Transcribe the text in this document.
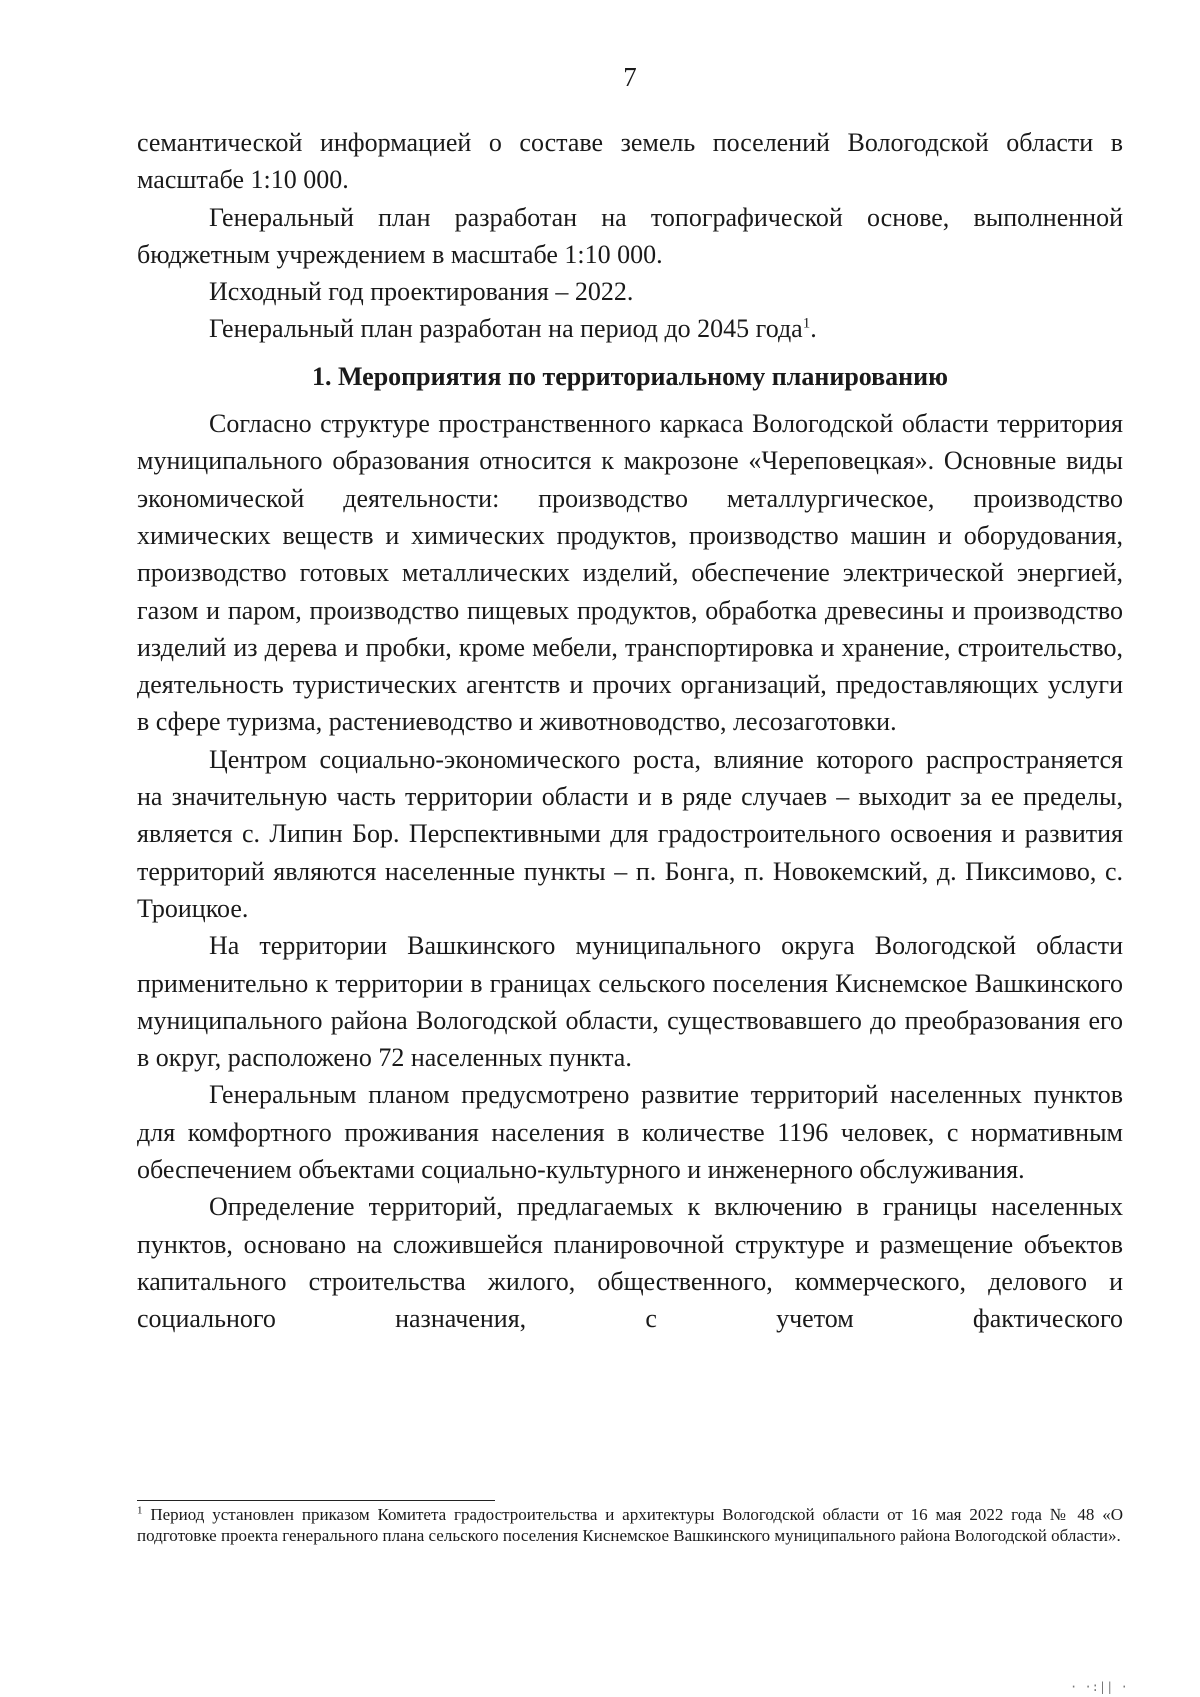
7

семантической информацией о составе земель поселений Вологодской области в масштабе 1:10 000.

Генеральный план разработан на топографической основе, выполненной бюджетным учреждением в масштабе 1:10 000.

Исходный год проектирования – 2022.

Генеральный план разработан на период до 2045 года$^1$.

1. Мероприятия по территориальному планированию

Согласно структуре пространственного каркаса Вологодской области территория муниципального образования относится к макрозоне «Череповецкая». Основные виды экономической деятельности: производство металлургическое, производство химических веществ и химических продуктов, производство машин и оборудования, производство готовых металлических изделий, обеспечение электрической энергией, газом и паром, производство пищевых продуктов, обработка древесины и производство изделий из дерева и пробки, кроме мебели, транспортировка и хранение, строительство, деятельность туристических агентств и прочих организаций, предоставляющих услуги в сфере туризма, растениеводство и животноводство, лесозаготовки.

Центром социально-экономического роста, влияние которого распространяется на значительную часть территории области и в ряде случаев – выходит за ее пределы, является с. Липин Бор. Перспективными для градостроительного освоения и развития территорий являются населенные пункты – п. Бонга, п. Новокемский, д. Пиксимово, с. Троицкое.

На территории Вашкинского муниципального округа Вологодской области применительно к территории в границах сельского поселения Киснемское Вашкинского муниципального района Вологодской области, существовавшего до преобразования его в округ, расположено 72 населенных пункта.

Генеральным планом предусмотрено развитие территорий населенных пунктов для комфортного проживания населения в количестве 1196 человек, с нормативным обеспечением объектами социально-культурного и инженерного обслуживания.

Определение территорий, предлагаемых к включению в границы населенных пунктов, основано на сложившейся планировочной структуре и размещение объектов капитального строительства жилого, общественного, коммерческого, делового и социального назначения, с учетом фактического

$^1$ Период установлен приказом Комитета градостроительства и архитектуры Вологодской области от 16 мая 2022 года № 48 «О подготовке проекта генерального плана сельского поселения Киснемское Вашкинского муниципального района Вологодской области».
· ·:|| ·
